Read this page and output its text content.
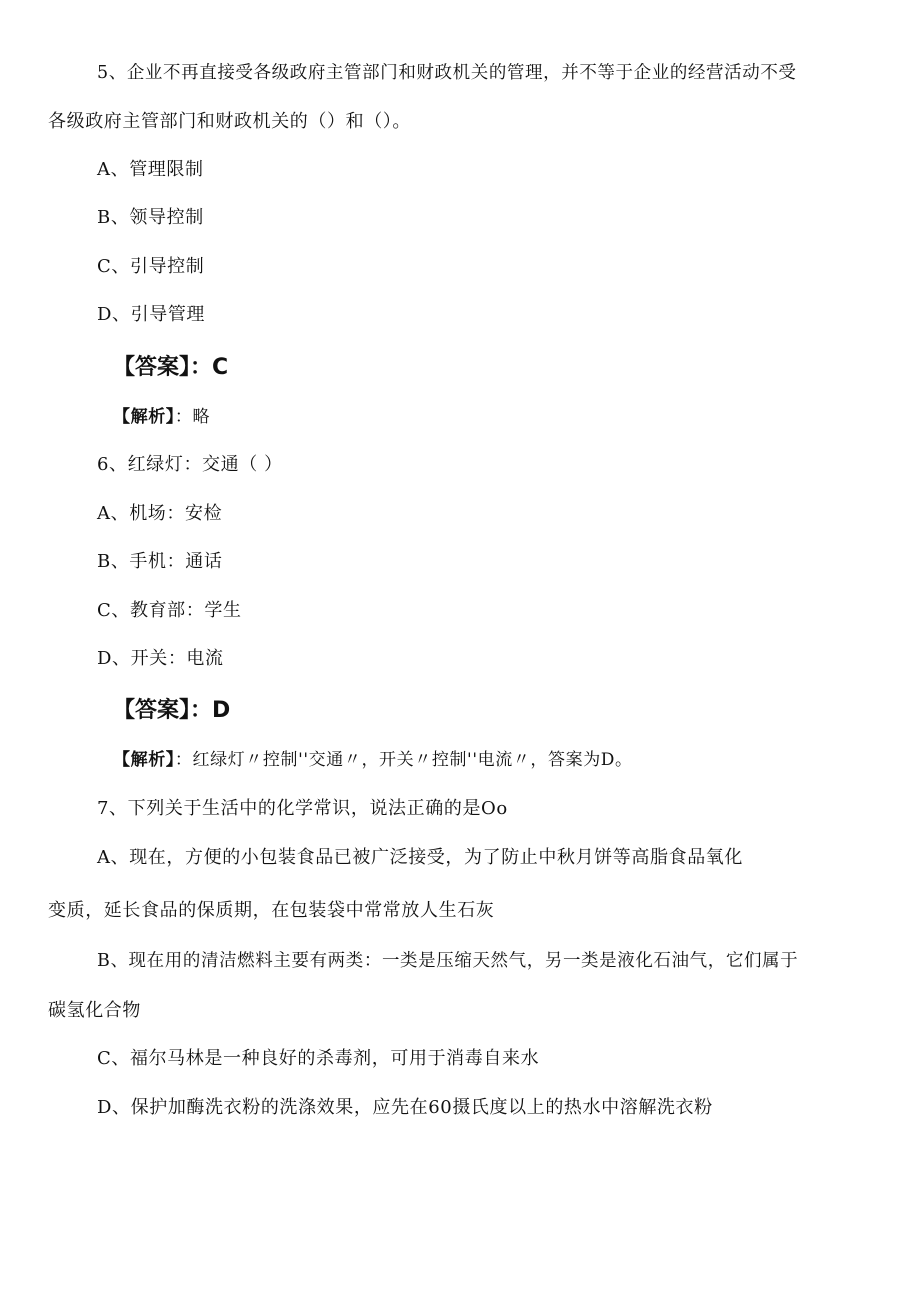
5、企业不再直接受各级政府主管部门和财政机关的管理，并不等于企业的经营活动不受
各级政府主管部门和财政机关的（）和（）。
A、管理限制
B、领导控制
C、引导控制
D、引导管理
【答案】：C
【解析】：略
6、红绿灯：交通（ ）
A、机场：安检
B、手机：通话
C、教育部：学生
D、开关：电流
【答案】：D
【解析】：红绿灯〃控制''交通〃，开关〃控制''电流〃，答案为D。
7、下列关于生活中的化学常识，说法正确的是Oo
A、现在，方便的小包装食品已被广泛接受，为了防止中秋月饼等高脂食品氧化
变质，延长食品的保质期，在包装袋中常常放人生石灰
B、现在用的清洁燃料主要有两类：一类是压缩天然气，另一类是液化石油气，它们属于
碳氢化合物
C、福尔马林是一种良好的杀毒剂，可用于消毒自来水
D、保护加酶洗衣粉的洗涤效果，应先在60摄氏度以上的热水中溶解洗衣粉
